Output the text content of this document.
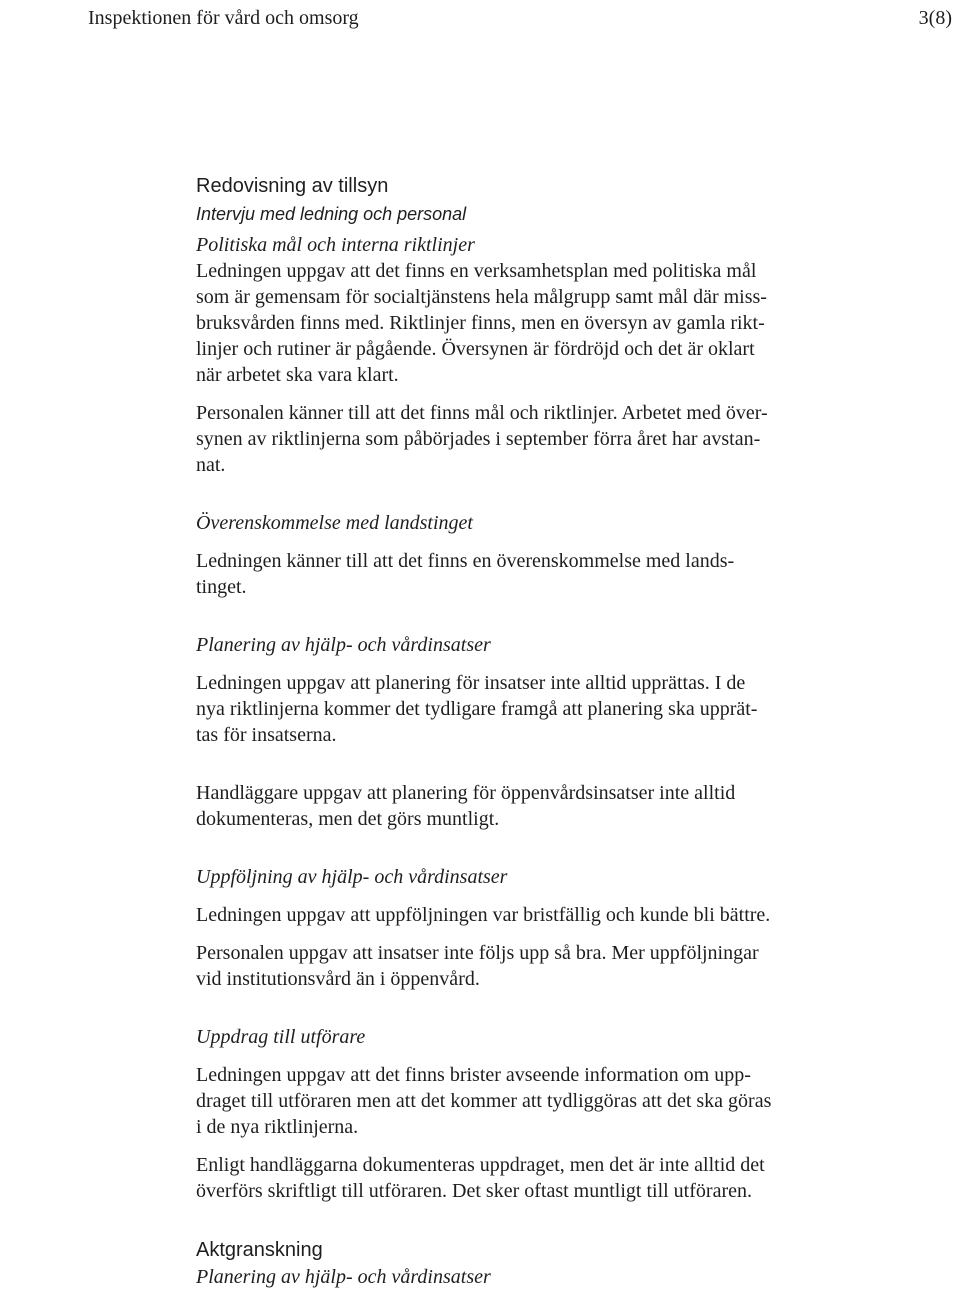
Inspektionen för vård och omsorg	3(8)
Redovisning av tillsyn
Intervju med ledning och personal
Politiska mål och interna riktlinjer

Ledningen uppgav att det finns en verksamhetsplan med politiska mål
som är gemensam för socialtjänstens hela målgrupp samt mål där miss-
bruksvården finns med. Riktlinjer finns, men en översyn av gamla rikt-
linjer och rutiner är pågående. Översynen är fördröjd och det är oklart
när arbetet ska vara klart.

Personalen känner till att det finns mål och riktlinjer. Arbetet med över-
synen av riktlinjerna som påbörjades i september förra året har avstan-
nat.

Överenskommelse med landstinget

Ledningen känner till att det finns en överenskommelse med lands-
tinget.

Planering av hjälp- och vårdinsatser

Ledningen uppgav att planering för insatser inte alltid upprättas. I de
nya riktlinjerna kommer det tydligare framgå att planering ska upprät-
tas för insatserna.

Handläggare uppgav att planering för öppenvårdsinsatser inte alltid
dokumenteras, men det görs muntligt.

Uppföljning av hjälp- och vårdinsatser

Ledningen uppgav att uppföljningen var bristfällig och kunde bli bättre.

Personalen uppgav att insatser inte följs upp så bra. Mer uppföljningar
vid institutionsvård än i öppenvård.

Uppdrag till utförare

Ledningen uppgav att det finns brister avseende information om upp-
draget till utföraren men att det kommer att tydliggöras att det ska göras
i de nya riktlinjerna.

Enligt handläggarna dokumenteras uppdraget, men det är inte alltid det
överförs skriftligt till utföraren. Det sker oftast muntligt till utföraren.

Aktgranskning
Planering av hjälp- och vårdinsatser
